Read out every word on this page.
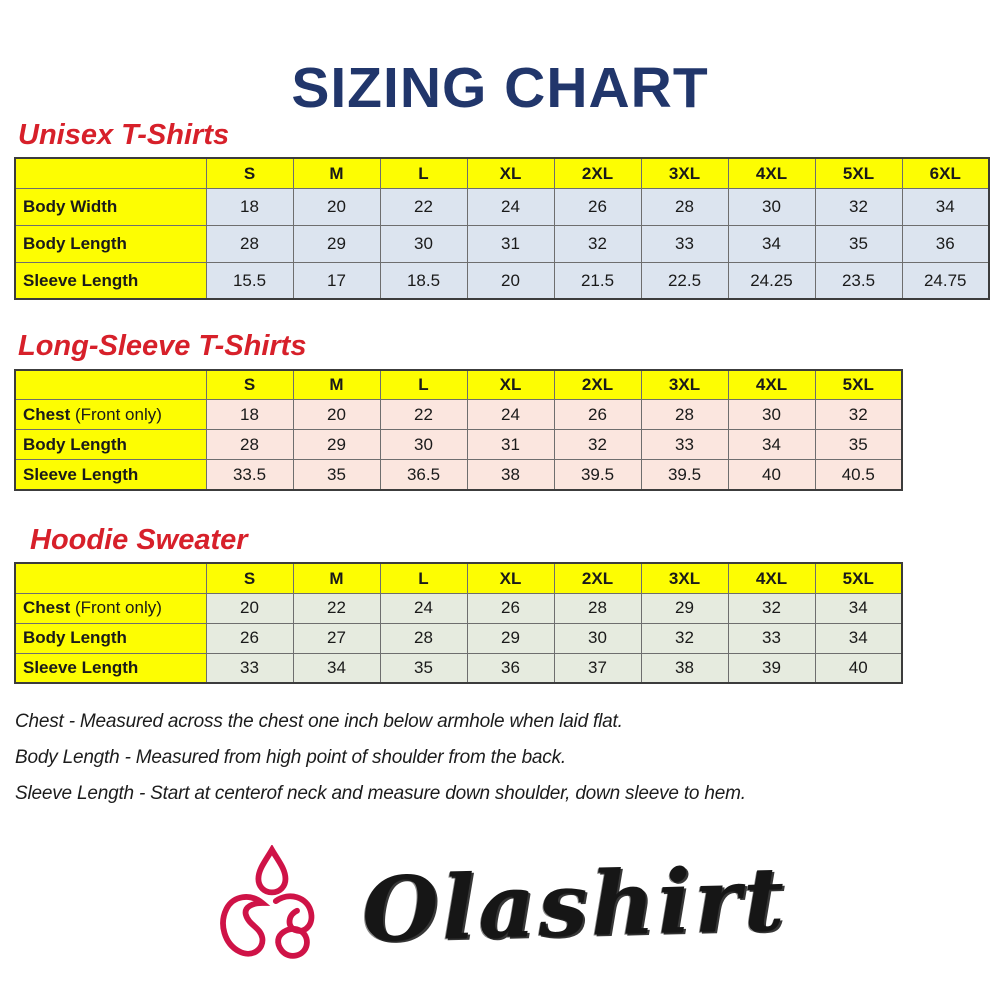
SIZING CHART
Unisex T-Shirts
	S	M	L	XL	2XL	3XL	4XL	5XL	6XL
Body Width	18	20	22	24	26	28	30	32	34
Body Length	28	29	30	31	32	33	34	35	36
Sleeve Length	15.5	17	18.5	20	21.5	22.5	24.25	23.5	24.75
Long-Sleeve T-Shirts
	S	M	L	XL	2XL	3XL	4XL	5XL
Chest (Front only)	18	20	22	24	26	28	30	32
Body Length	28	29	30	31	32	33	34	35
Sleeve Length	33.5	35	36.5	38	39.5	39.5	40	40.5
Hoodie Sweater
	S	M	L	XL	2XL	3XL	4XL	5XL
Chest (Front only)	20	22	24	26	28	29	32	34
Body Length	26	27	28	29	30	32	33	34
Sleeve Length	33	34	35	36	37	38	39	40

Chest - Measured across the chest one inch below armhole when laid flat.

Body Length - Measured from high point of shoulder from the back.

Sleeve Length - Start at centerof neck and measure down shoulder, down sleeve to hem.

Olashirt
